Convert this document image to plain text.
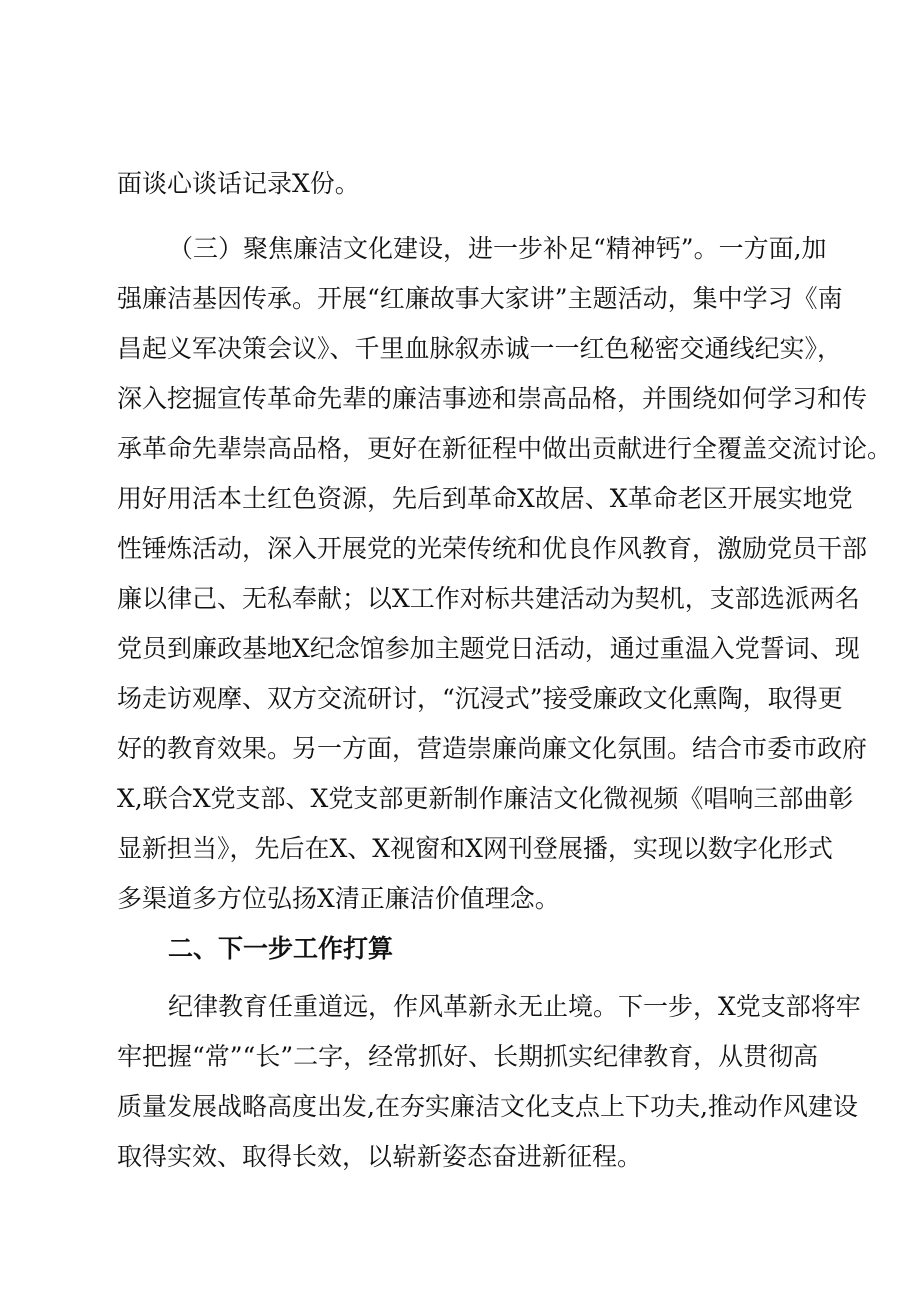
面谈心谈话记录X份。
（三）聚焦廉洁文化建设，进一步补足“精神钙”。一方面,加
强廉洁基因传承。开展“红廉故事大家讲”主题活动，集中学习《南
昌起义军决策会议》、千里血脉叙赤诚一一红色秘密交通线纪实》，
深入挖掘宣传革命先辈的廉洁事迹和崇高品格，并围绕如何学习和传
承革命先辈崇高品格，更好在新征程中做出贡献进行全覆盖交流讨论。
用好用活本土红色资源，先后到革命X故居、X革命老区开展实地党
性锤炼活动，深入开展党的光荣传统和优良作风教育，激励党员干部
廉以律己、无私奉献；以X工作对标共建活动为契机，支部选派两名
党员到廉政基地X纪念馆参加主题党日活动，通过重温入党誓词、现
场走访观摩、双方交流研讨，“沉浸式”接受廉政文化熏陶，取得更
好的教育效果。另一方面，营造崇廉尚廉文化氛围。结合市委市政府
X,联合X党支部、X党支部更新制作廉洁文化微视频《唱响三部曲彰
显新担当》，先后在X、X视窗和X网刊登展播，实现以数字化形式
多渠道多方位弘扬X清正廉洁价值理念。
二、下一步工作打算
纪律教育任重道远，作风革新永无止境。下一步，X党支部将牢
牢把握“常”“长”二字，经常抓好、长期抓实纪律教育，从贯彻高
质量发展战略高度出发,在夯实廉洁文化支点上下功夫,推动作风建设
取得实效、取得长效，以崭新姿态奋进新征程。
